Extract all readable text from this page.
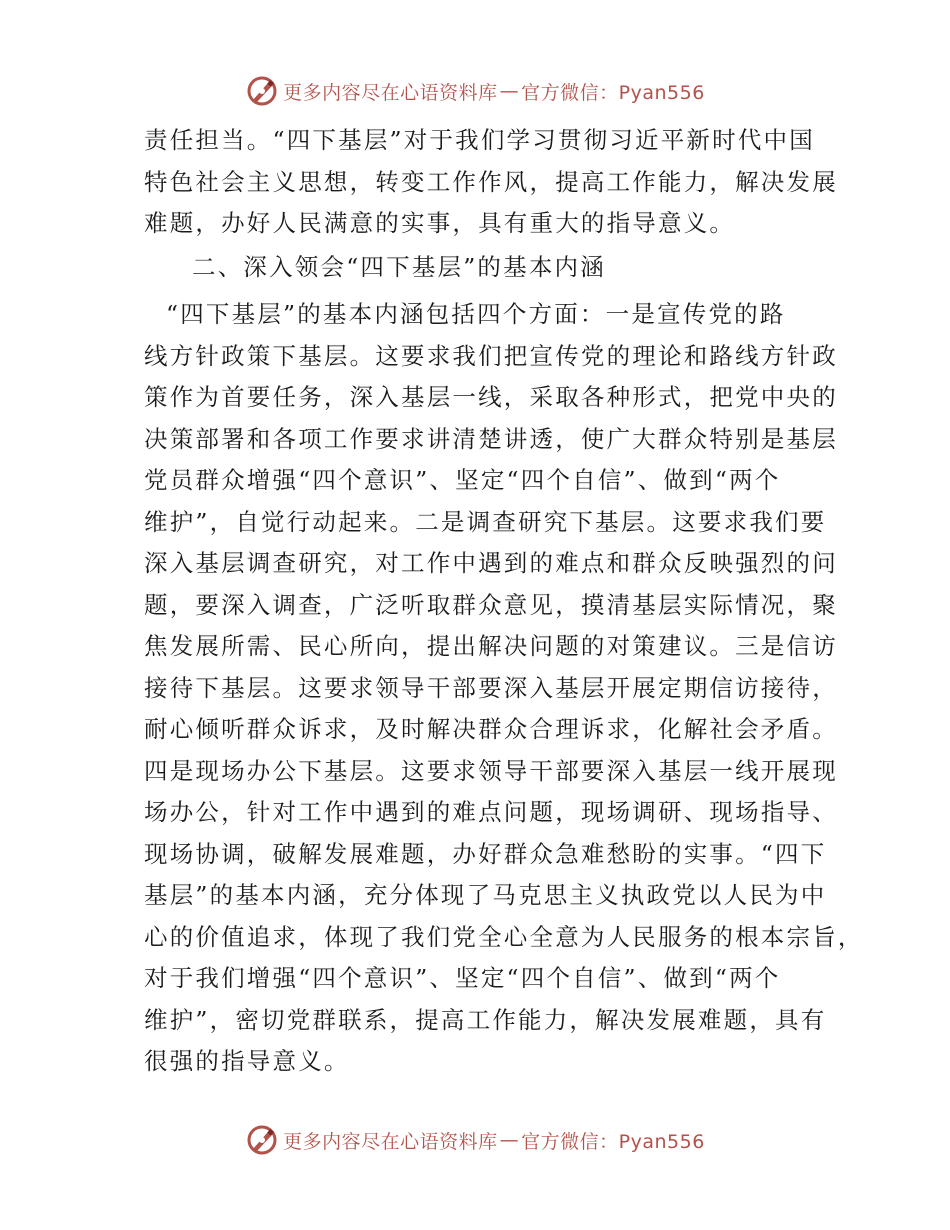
更多内容尽在心语资料库 — 官方微信：Pyan556
责任担当。“四下基层”对于我们学习贯彻习近平新时代中国
特色社会主义思想，转变工作作风，提高工作能力，解决发展
难题，办好人民满意的实事，具有重大的指导意义。
二、深入领会“四下基层”的基本内涵
“四下基层”的基本内涵包括四个方面：一是宣传党的路
线方针政策下基层。这要求我们把宣传党的理论和路线方针政
策作为首要任务，深入基层一线，采取各种形式，把党中央的
决策部署和各项工作要求讲清楚讲透，使广大群众特别是基层
党员群众增强“四个意识”、坚定“四个自信”、做到“两个
维护”，自觉行动起来。二是调查研究下基层。这要求我们要
深入基层调查研究，对工作中遇到的难点和群众反映强烈的问
题，要深入调查，广泛听取群众意见，摸清基层实际情况，聚
焦发展所需、民心所向，提出解决问题的对策建议。三是信访
接待下基层。这要求领导干部要深入基层开展定期信访接待，
耐心倾听群众诉求，及时解决群众合理诉求，化解社会矛盾。
四是现场办公下基层。这要求领导干部要深入基层一线开展现
场办公，针对工作中遇到的难点问题，现场调研、现场指导、
现场协调，破解发展难题，办好群众急难愁盼的实事。“四下
基层”的基本内涵，充分体现了马克思主义执政党以人民为中
心的价值追求，体现了我们党全心全意为人民服务的根本宗旨，
对于我们增强“四个意识”、坚定“四个自信”、做到“两个
维护”，密切党群联系，提高工作能力，解决发展难题，具有
很强的指导意义。
更多内容尽在心语资料库 — 官方微信：Pyan556
